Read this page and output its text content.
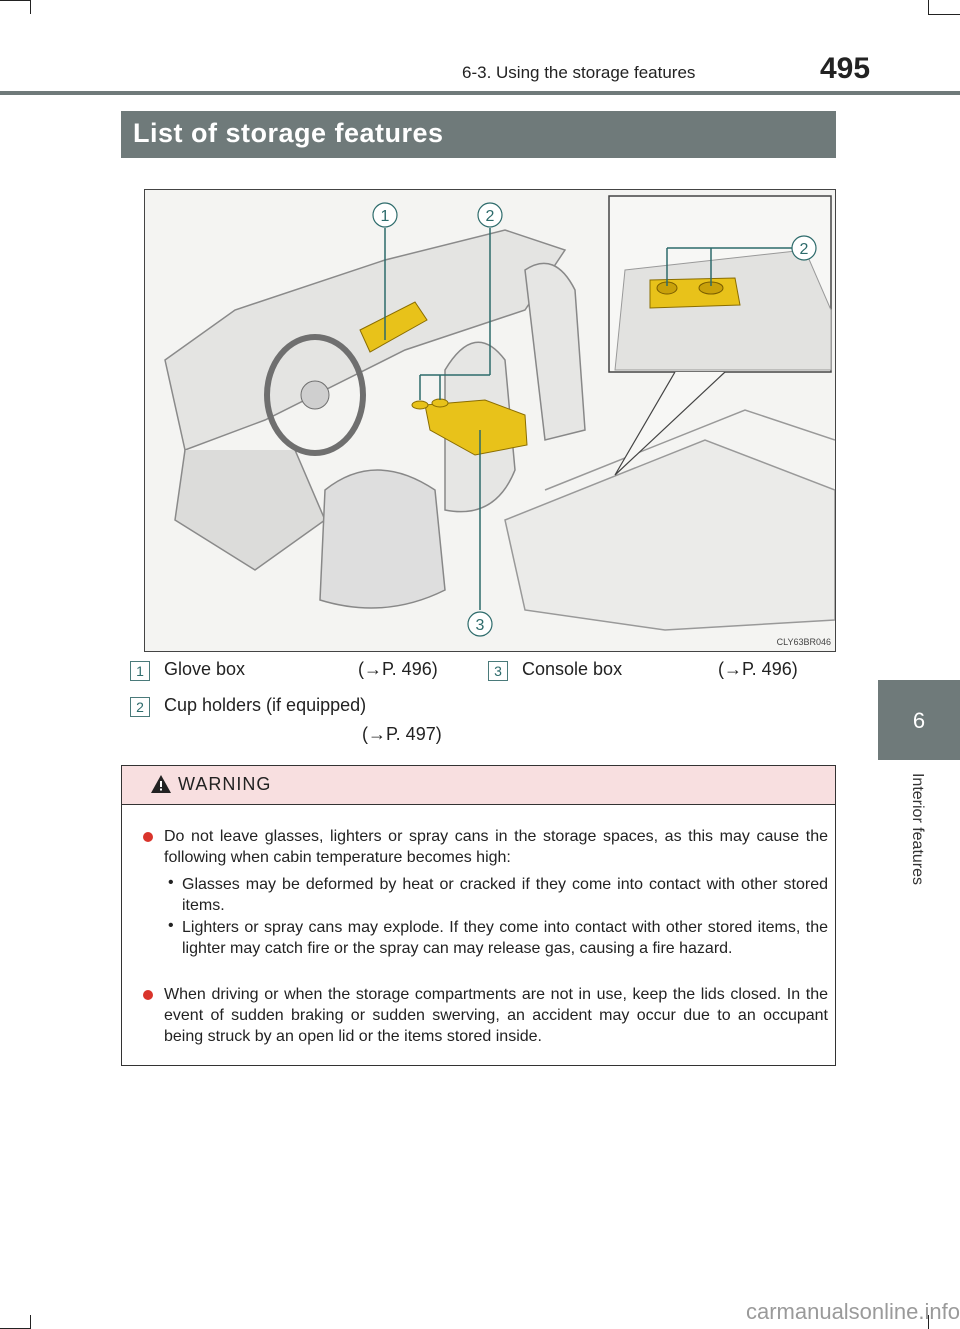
6-3. Using the storage features	495
6
Interior features
List of storage features
1	2
3
2
CLY63BR046
1	Glove box	(→P. 496)	3	Console box	(→P. 496)
2	Cup holders (if equipped)
(→P. 497)
WARNING
Do not leave glasses, lighters or spray cans in the storage spaces, as this may cause the following when cabin temperature becomes high:
• Glasses may be deformed by heat or cracked if they come into contact with other stored items.
• Lighters or spray cans may explode. If they come into contact with other stored items, the lighter may catch fire or the spray can may release gas, causing a fire hazard.
When driving or when the storage compartments are not in use, keep the lids closed. In the event of sudden braking or sudden swerving, an accident may occur due to an occupant being struck by an open lid or the items stored inside.
carmanualsonline.info
